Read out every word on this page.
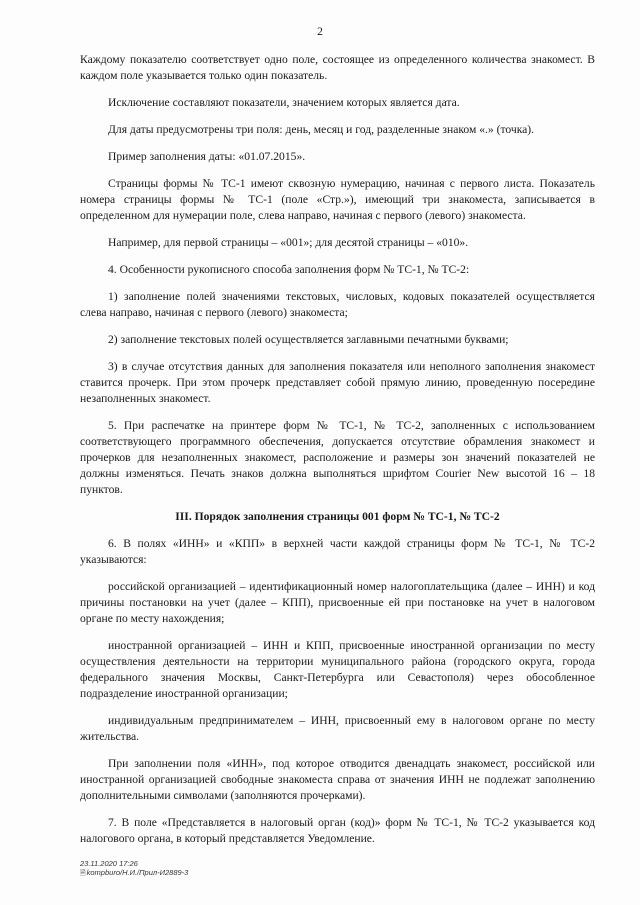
2

Каждому показателю соответствует одно поле, состоящее из определенного количества знакомест. В каждом поле указывается только один показатель.

Исключение составляют показатели, значением которых является дата.

Для даты предусмотрены три поля: день, месяц и год, разделенные знаком «.» (точка).

Пример заполнения даты: «01.07.2015».

Страницы формы № ТС-1 имеют сквозную нумерацию, начиная с первого листа. Показатель номера страницы формы № ТС-1 (поле «Стр.»), имеющий три знакоместа, записывается в определенном для нумерации поле, слева направо, начиная с первого (левого) знакоместа.

Например, для первой страницы – «001»; для десятой страницы – «010».

4. Особенности рукописного способа заполнения форм № ТС-1, № ТС-2:

1) заполнение полей значениями текстовых, числовых, кодовых показателей осуществляется слева направо, начиная с первого (левого) знакоместа;

2) заполнение текстовых полей осуществляется заглавными печатными буквами;

3) в случае отсутствия данных для заполнения показателя или неполного заполнения знакомест ставится прочерк. При этом прочерк представляет собой прямую линию, проведенную посередине незаполненных знакомест.

5. При распечатке на принтере форм № ТС-1, № ТС-2, заполненных с использованием соответствующего программного обеспечения, допускается отсутствие обрамления знакомест и прочерков для незаполненных знакомест, расположение и размеры зон значений показателей не должны изменяться. Печать знаков должна выполняться шрифтом Courier New высотой 16 – 18 пунктов.

III. Порядок заполнения страницы 001 форм № ТС-1, № ТС-2

6. В полях «ИНН» и «КПП» в верхней части каждой страницы форм № ТС-1, № ТС-2 указываются:

российской организацией – идентификационный номер налогоплательщика (далее – ИНН) и код причины постановки на учет (далее – КПП), присвоенные ей при постановке на учет в налоговом органе по месту нахождения;

иностранной организацией – ИНН и КПП, присвоенные иностранной организации по месту осуществления деятельности на территории муниципального района (городского округа, города федерального значения Москвы, Санкт-Петербурга или Севастополя) через обособленное подразделение иностранной организации;

индивидуальным предпринимателем – ИНН, присвоенный ему в налоговом органе по месту жительства.

При заполнении поля «ИНН», под которое отводится двенадцать знакомест, российской или иностранной организацией свободные знакоместа справа от значения ИНН не подлежат заполнению дополнительными символами (заполняются прочерками).

7. В поле «Представляется в налоговый орган (код)» форм № ТС-1, № ТС-2 указывается код налогового органа, в который представляется Уведомление.

23.11.2020 17:26
🗎kompburo/Н.И./Прил-И2889-3
